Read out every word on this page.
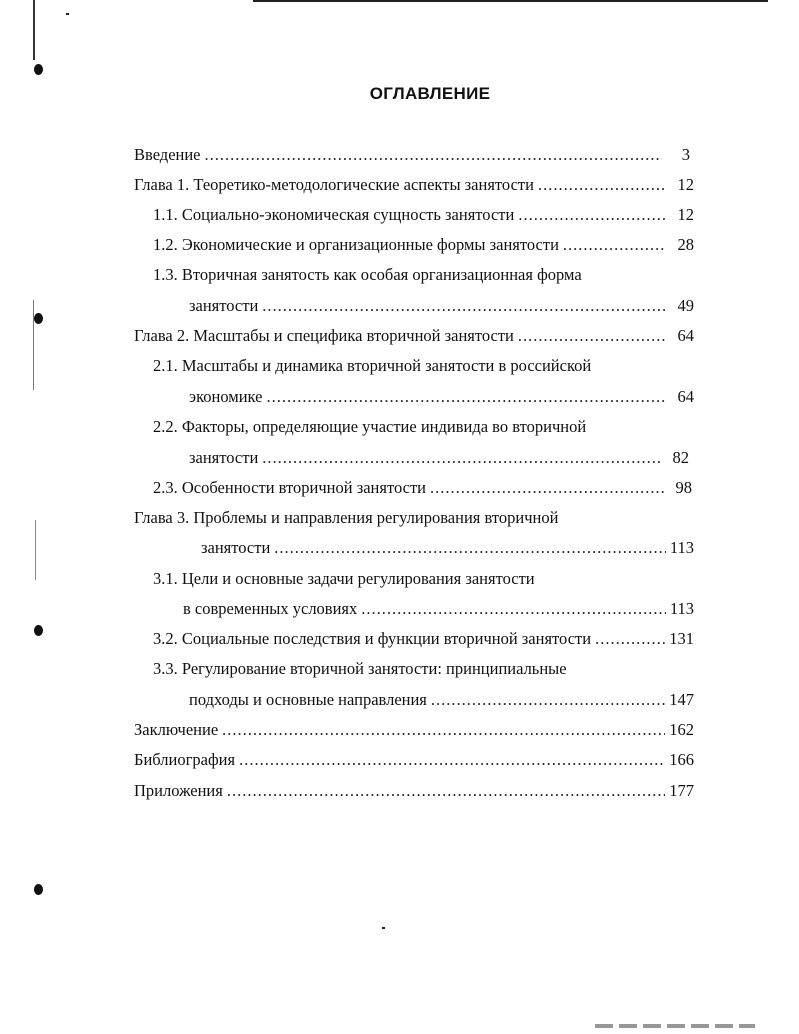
ОГЛАВЛЕНИЕ
Введение .....	3
Глава 1. Теоретико-методологические аспекты занятости .....	12
1.1. Социально-экономическая сущность занятости .....	12
1.2. Экономические и организационные формы занятости .....	28
1.3. Вторичная занятость как особая организационная форма
занятости .....	49
Глава 2. Масштабы и специфика вторичной занятости .....	64
2.1. Масштабы и динамика вторичной занятости в российской
экономике .....	64
2.2. Факторы, определяющие участие индивида во вторичной
занятости .....	82
2.3. Особенности вторичной занятости .....	98
Глава 3. Проблемы и направления регулирования вторичной
занятости .....	113
3.1. Цели и основные задачи регулирования занятости
в современных условиях .....	113
3.2. Социальные последствия и функции вторичной занятости .....	131
3.3. Регулирование вторичной занятости: принципиальные
подходы и основные направления .....	147
Заключение .....	162
Библиография .....	166
Приложения .....	177
